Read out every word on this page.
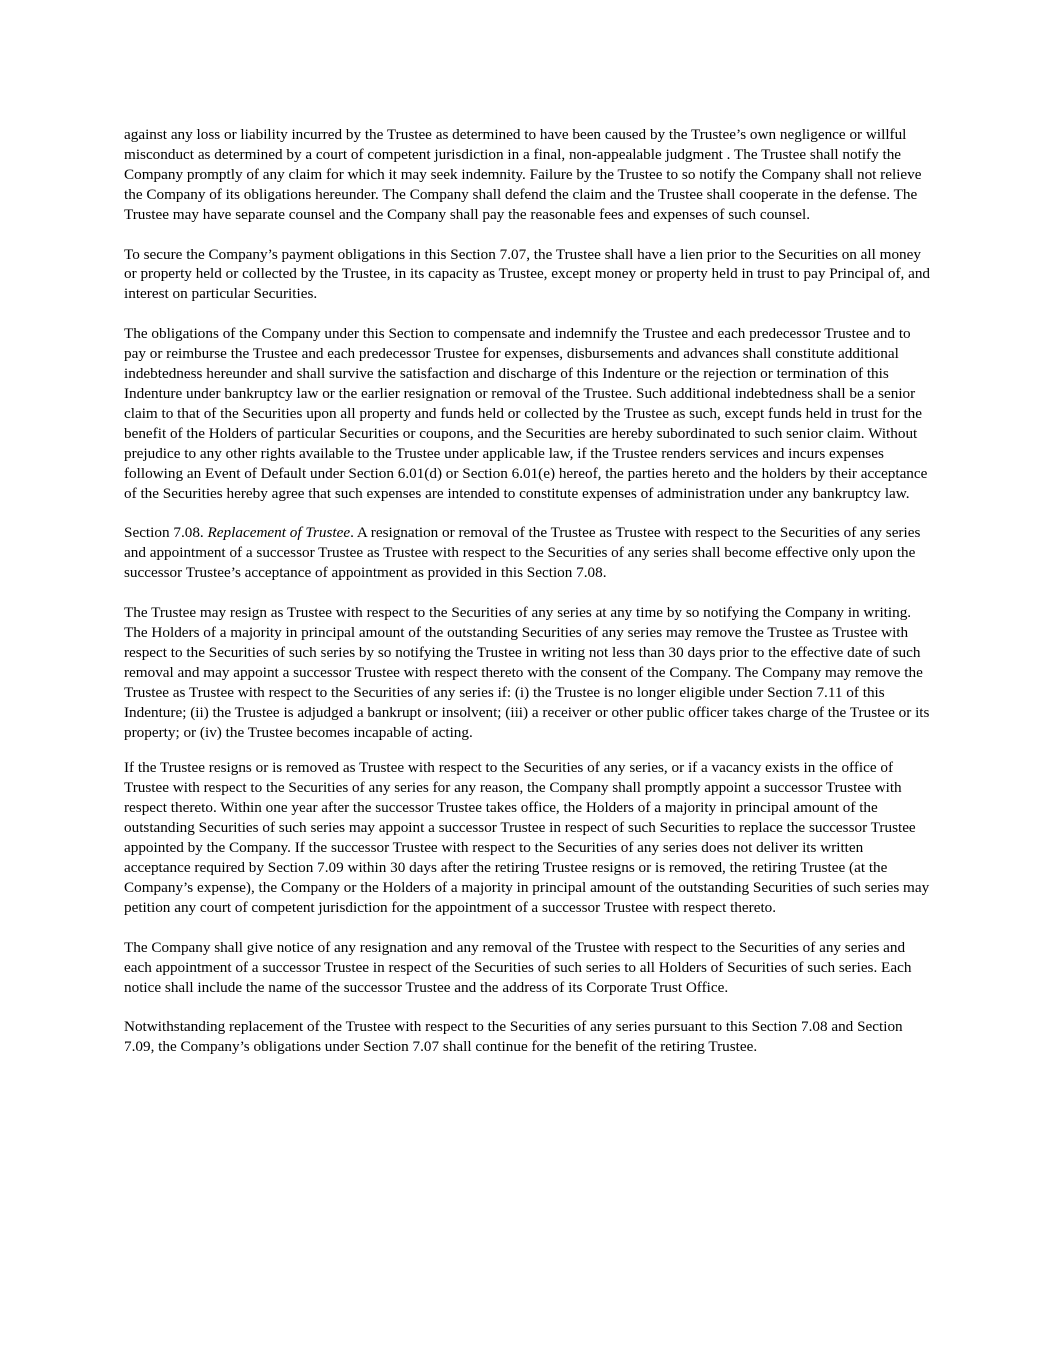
against any loss or liability incurred by the Trustee as determined to have been caused by the Trustee’s own negligence or willful misconduct as determined by a court of competent jurisdiction in a final, non-appealable judgment . The Trustee shall notify the Company promptly of any claim for which it may seek indemnity. Failure by the Trustee to so notify the Company shall not relieve the Company of its obligations hereunder. The Company shall defend the claim and the Trustee shall cooperate in the defense. The Trustee may have separate counsel and the Company shall pay the reasonable fees and expenses of such counsel.

To secure the Company’s payment obligations in this Section 7.07, the Trustee shall have a lien prior to the Securities on all money or property held or collected by the Trustee, in its capacity as Trustee, except money or property held in trust to pay Principal of, and interest on particular Securities.

The obligations of the Company under this Section to compensate and indemnify the Trustee and each predecessor Trustee and to pay or reimburse the Trustee and each predecessor Trustee for expenses, disbursements and advances shall constitute additional indebtedness hereunder and shall survive the satisfaction and discharge of this Indenture or the rejection or termination of this Indenture under bankruptcy law or the earlier resignation or removal of the Trustee. Such additional indebtedness shall be a senior claim to that of the Securities upon all property and funds held or collected by the Trustee as such, except funds held in trust for the benefit of the Holders of particular Securities or coupons, and the Securities are hereby subordinated to such senior claim. Without prejudice to any other rights available to the Trustee under applicable law, if the Trustee renders services and incurs expenses following an Event of Default under Section 6.01(d) or Section 6.01(e) hereof, the parties hereto and the holders by their acceptance of the Securities hereby agree that such expenses are intended to constitute expenses of administration under any bankruptcy law.

Section 7.08. Replacement of Trustee. A resignation or removal of the Trustee as Trustee with respect to the Securities of any series and appointment of a successor Trustee as Trustee with respect to the Securities of any series shall become effective only upon the successor Trustee’s acceptance of appointment as provided in this Section 7.08.

The Trustee may resign as Trustee with respect to the Securities of any series at any time by so notifying the Company in writing. The Holders of a majority in principal amount of the outstanding Securities of any series may remove the Trustee as Trustee with respect to the Securities of such series by so notifying the Trustee in writing not less than 30 days prior to the effective date of such removal and may appoint a successor Trustee with respect thereto with the consent of the Company. The Company may remove the Trustee as Trustee with respect to the Securities of any series if: (i) the Trustee is no longer eligible under Section 7.11 of this Indenture; (ii) the Trustee is adjudged a bankrupt or insolvent; (iii) a receiver or other public officer takes charge of the Trustee or its property; or (iv) the Trustee becomes incapable of acting.

If the Trustee resigns or is removed as Trustee with respect to the Securities of any series, or if a vacancy exists in the office of Trustee with respect to the Securities of any series for any reason, the Company shall promptly appoint a successor Trustee with respect thereto. Within one year after the successor Trustee takes office, the Holders of a majority in principal amount of the outstanding Securities of such series may appoint a successor Trustee in respect of such Securities to replace the successor Trustee appointed by the Company. If the successor Trustee with respect to the Securities of any series does not deliver its written acceptance required by Section 7.09 within 30 days after the retiring Trustee resigns or is removed, the retiring Trustee (at the Company’s expense), the Company or the Holders of a majority in principal amount of the outstanding Securities of such series may petition any court of competent jurisdiction for the appointment of a successor Trustee with respect thereto.

The Company shall give notice of any resignation and any removal of the Trustee with respect to the Securities of any series and each appointment of a successor Trustee in respect of the Securities of such series to all Holders of Securities of such series. Each notice shall include the name of the successor Trustee and the address of its Corporate Trust Office.

Notwithstanding replacement of the Trustee with respect to the Securities of any series pursuant to this Section 7.08 and Section 7.09, the Company’s obligations under Section 7.07 shall continue for the benefit of the retiring Trustee.
